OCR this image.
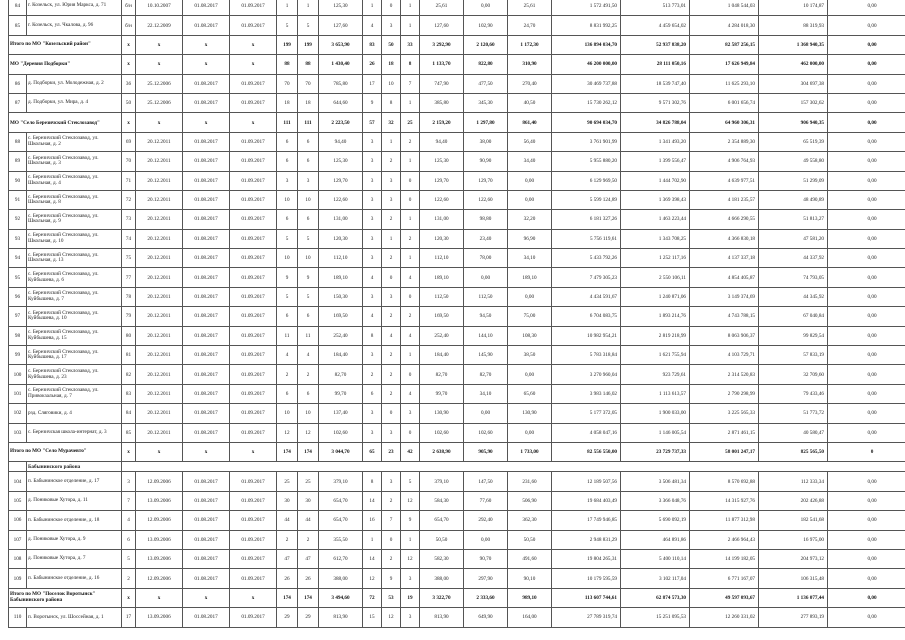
84	г. Козельск, ул. Юрия Маркса, д. 71	б/н	10.10.2007	01.08.2017	01.09.2017	1	1	125,30	1	0	1	25,61	0,00	25,61	1 572 491,50	513 773,01	1 048 544,03	10 174,87	0,00
85	г. Козельск, ул. Чкалова, д. 96	б/н	22.12.2009	01.08.2017	01.09.2017	5	5	127,60	4	3	1	127,60	102,90	24,70	8 831 992,25	4 459 654,02	4 284 018,30	88 319,93	0,00
Итого по МО "Козельский район"		x	x	x	x	199	199	3 653,90	83	50	33	3 292,90	2 120,60	1 172,30	136 894 034,70	52 937 838,20	82 587 256,15	1 368 940,35	0,00
МО "Деревня Подборки"		x	x	x	x	88	88	1 430,40	26	18	8	1 133,70	822,80	310,90	46 200 000,00	28 111 050,16	17 626 949,84	462 000,00	0,00
86	д. Подборки, ул. Молодежная, д. 2	36	25.12.2006	01.08.2017	01.09.2017	70	70	785,80	17	10	7	747,90	477,50	270,40	30 469 737,88	18 539 747,40	11 625 293,10	304 697,38	0,00
87	д. Подборки, ул. Мира, д. 4	50	25.12.2006	01.08.2017	01.09.2017	18	18	644,60	9	8	1	385,80	345,30	40,50	15 730 262,12	9 571 302,76	6 001 656,74	157 302,62	0,00
МО "Село Березичский Стеклозавод"		x	x	x	x	111	111	2 223,50	57	32	25	2 159,20	1 297,80	861,40	90 694 034,70	34 826 788,04	64 960 306,31	906 940,35	0,00
88	с. Березичский Стеклозавод, ул. Школьная, д. 2	69	20.12.2011	01.08.2017	01.09.2017	6	6	94,40	3	1	2	94,40	38,00	56,40	3 761 901,99	1 341 493,20	2 354 889,30	65 519,39	0,00
89	с. Березичский Стеклозавод, ул. Школьная, д. 3	70	20.12.2011	01.08.2017	01.09.2017	6	6	125,30	3	2	1	125,30	90,90	34,40	5 955 880,20	1 399 556,47	4 906 764,93	49 558,80	0,00
90	с. Березичский Стеклозавод, ул. Школьная, д. 4	71	20.12.2011	01.08.2017	01.09.2017	3	3	129,70	3	3	0	129,70	129,70	0,00	6 129 969,50	1 444 702,90	4 639 977,51	51 299,09	0,00
91	с. Березичский Стеклозавод, ул. Школьная, д. 8	72	20.12.2011	01.08.2017	01.09.2017	10	10	122,60	3	3	0	122,60	122,60	0,00	5 599 124,89	1 369 398,43	4 181 235,57	48 490,89	0,00
92	с. Березичский Стеклозавод, ул. Школьная, д. 9	73	20.12.2011	01.08.2017	01.09.2017	6	6	131,00	3	2	1	131,00	98,80	32,20	6 181 327,26	1 463 223,44	4 666 290,55	51 813,27	0,00
93	с. Березичский Стеклозавод, ул. Школьная, д. 10	74	20.12.2011	01.08.2017	01.09.2017	5	5	120,30	3	1	2	120,30	23,40	96,90	5 756 119,61	1 343 708,25	4 366 830,18	47 581,20	0,00
94	с. Березичский Стеклозавод, ул. Школьная, д. 13	75	20.12.2011	01.08.2017	01.09.2017	10	10	112,10	3	2	1	112,10	78,00	34,10	5 433 792,26	1 252 117,16	4 137 337,18	44 337,92	0,00
95	с. Березичский Стеклозавод, ул. Куйбышева, д. 6	77	20.12.2011	01.08.2017	01.09.2017	9	9	189,10	4	0	4	189,10	0,00	189,10	7 479 305,23	2 550 106,11	4 854 405,87	74 793,05	0,00
96	с. Березичский Стеклозавод, ул. Куйбышева, д. 7	78	20.12.2011	01.08.2017	01.09.2017	5	5	150,30	3	3	0	112,50	112,50	0,00	4 434 591,67	1 240 871,06	3 149 374,69	44 345,92	0,00
97	с. Березичский Стеклозавод, ул. Куйбышева, д. 10	79	20.12.2011	01.08.2017	01.09.2017	6	6	169,50	4	2	2	169,50	94,50	75,00	6 704 083,75	1 893 214,76	4 743 788,15	67 040,84	0,00
98	с. Березичский Стеклозавод, ул. Куйбышева, д. 15	80	20.12.2011	01.08.2017	01.09.2017	11	11	252,40	8	4	4	252,40	144,10	108,30	10 982 954,21	2 819 218,99	8 063 906,37	99 829,54	0,00
99	с. Березичский Стеклозавод, ул. Куйбышева, д. 17	81	20.12.2011	01.08.2017	01.09.2017	4	4	184,40	3	2	1	184,40	145,90	38,50	5 783 318,84	1 621 755,94	4 103 729,71	57 833,19	0,00
100	с. Березичский Стеклозавод, ул. Куйбышева, д. 23	82	20.12.2011	01.08.2017	01.09.2017	2	2	82,70	2	2	0	82,70	82,70	0,00	3 270 960,04	923 729,61	2 314 520,83	32 709,60	0,00
101	с. Березичский Стеклозавод, ул. Привокзальная, д. 7	83	20.12.2011	01.08.2017	01.09.2017	6	6	99,70	6	2	4	99,70	34,10	65,60	3 983 146,02	1 113 613,57	2 790 298,99	79 433,46	0,00
102	рзд. Сляговики, д. 4	84	20.12.2011	01.08.2017	01.09.2017	10	10	137,40	3	0	3	130,90	0,00	130,90	5 177 372,05	1 900 033,00	3 225 565,33	51 773,72	0,00
103	с. Березичская школа-интернат, д. 3	85	20.12.2011	01.08.2017	01.09.2017	12	12	102,60	3	3	0	102,60	102,60	0,00	4 058 047,16	1 146 005,54	2 871 461,15	40 580,47	0,00
Итого по МО "Село Мурачевто"		x	x	x	x	174	174	3 044,70	65	23	42	2 638,90	905,90	1 733,00	82 556 550,00	23 729 737,33	58 001 247,17	825 565,50	0
	Бабынинского района																		
104	п. Бабынинское отделение, д. 17	3	12.09.2006	01.08.2017	01.09.2017	25	25	379,10	8	3	5	379,10	147,50	231,60	12 189 507,56	3 506 481,34	8 570 692,88	112 333,34	0,00
105	д. Пониковые Хутора, д. 11	7	13.09.2006	01.08.2017	01.09.2017	30	30	654,70	14	2	12	584,30	77,60	506,90	19 684 403,49	3 366 048,76	14 315 927,76	202 426,88	0,00
106	п. Бабынинское отделение, д. 18	4	12.09.2006	01.08.2017	01.09.2017	44	44	654,70	16	7	9	654,70	292,40	362,30	17 749 946,85	5 690 092,19	11 877 312,98	182 541,68	0,00
107	д. Пониковые Хутора, д. 9	6	13.09.2006	01.08.2017	01.09.2017	2	2	355,50	1	0	1	50,50	0,00	50,50	2 948 831,29	464 891,86	2 466 964,43	16 975,00	0,00
108	д. Пониковые Хутора, д. 7	5	13.09.2006	01.08.2017	01.09.2017	47	47	612,70	14	2	12	582,30	90,70	491,60	19 804 265,31	5 400 110,14	14 199 182,05	204 973,12	0,00
109	п. Бабынинское отделение, д. 16	2	12.09.2006	01.08.2017	01.09.2017	26	26	388,00	12	9	3	388,00	297,90	90,10	10 179 595,59	3 102 117,04	6 771 167,07	106 315,48	0,00
Итого по МО "Поселок Воротынск" Бабынинского района		x	x	x	x	174	174	3 494,60	72	53	19	3 322,70	2 333,60	989,10	113 607 744,61	62 874 573,30	49 597 093,67	1 136 077,44	0,00
110	п. Воротынск, ул. Шоссейная, д. 1	17	13.09.2006	01.08.2017	01.09.2017	29	29	813,90	15	12	3	813,90	649,90	164,00	27 789 319,74	15 251 095,53	12 260 331,02	277 893,19	0,00
